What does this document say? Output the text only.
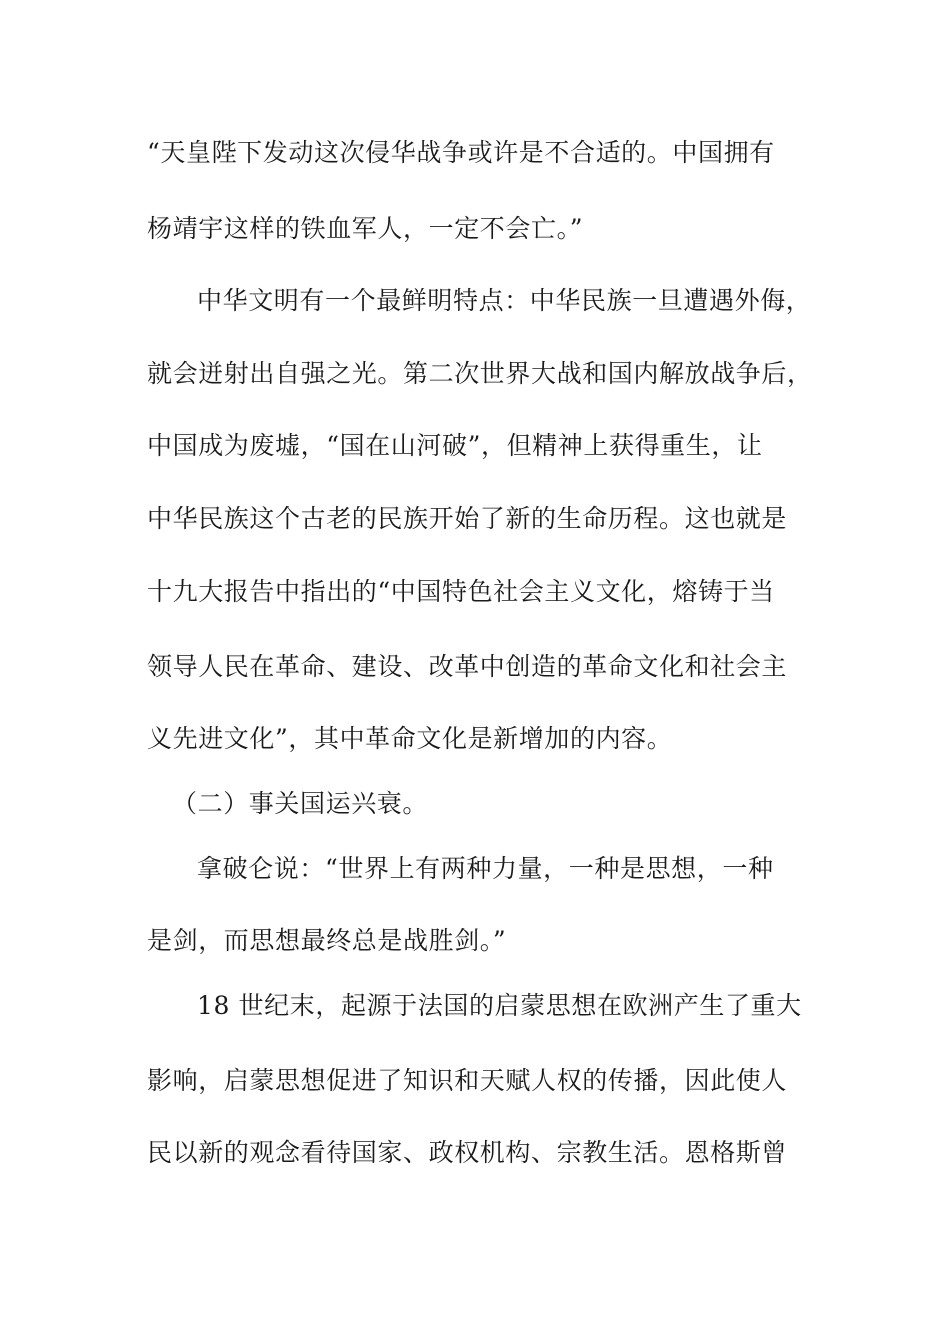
“天皇陛下发动这次侵华战争或许是不合适的。中国拥有
杨靖宇这样的铁血军人，一定不会亡。”
中华文明有一个最鲜明特点：中华民族一旦遭遇外侮，
就会迸射出自强之光。第二次世界大战和国内解放战争后，
中国成为废墟，“国在山河破”，但精神上获得重生，让
中华民族这个古老的民族开始了新的生命历程。这也就是
十九大报告中指出的“中国特色社会主义文化，熔铸于当
领导人民在革命、建设、改革中创造的革命文化和社会主
义先进文化”，其中革命文化是新增加的内容。
（二）事关国运兴衰。
拿破仑说：“世界上有两种力量，一种是思想，一种
是剑，而思想最终总是战胜剑。”
18 世纪末，起源于法国的启蒙思想在欧洲产生了重大
影响，启蒙思想促进了知识和天赋人权的传播，因此使人
民以新的观念看待国家、政权机构、宗教生活。恩格斯曾
